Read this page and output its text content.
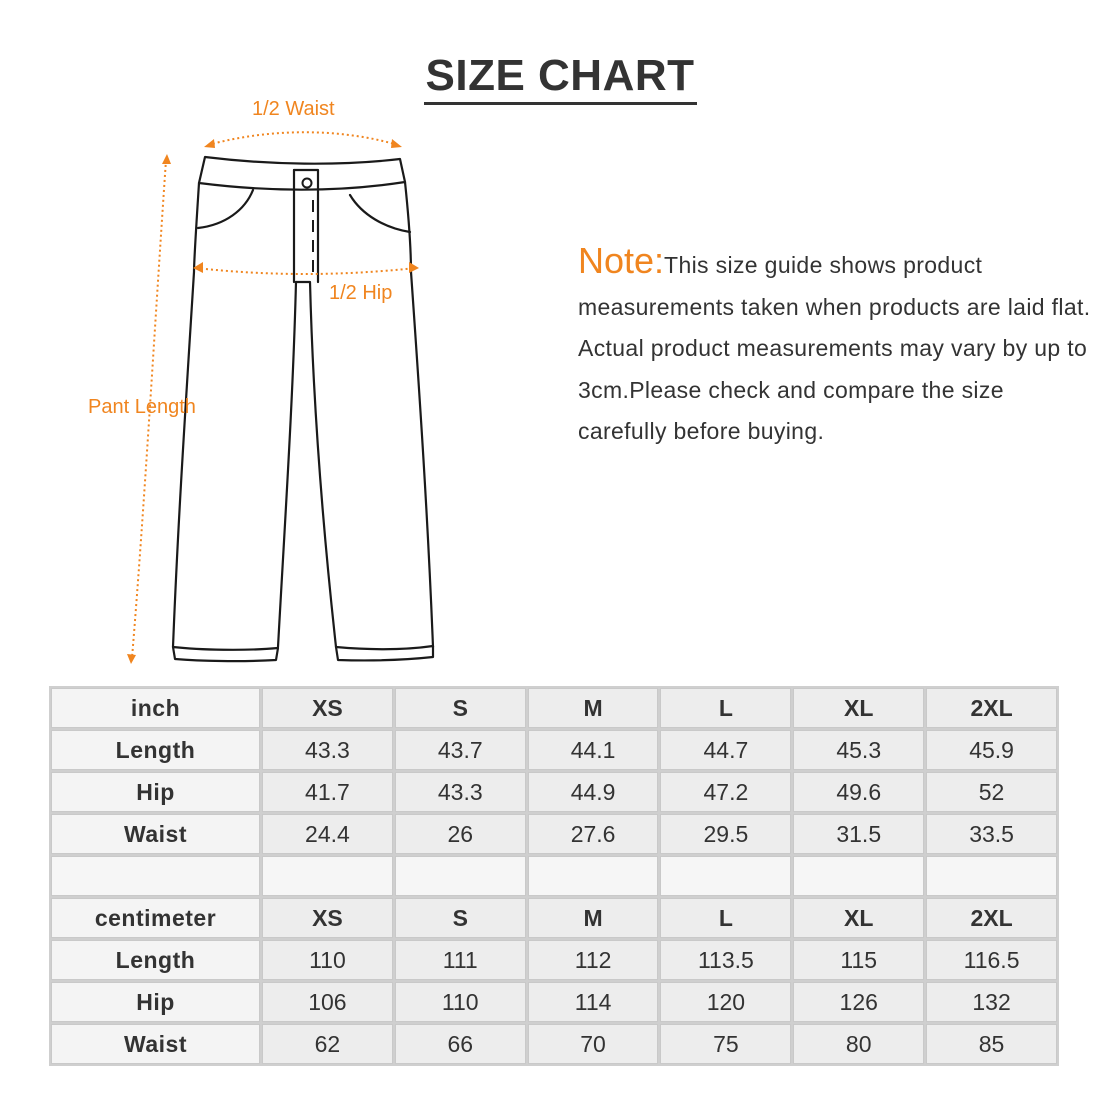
SIZE CHART
1/2 Waist
1/2 Hip
Pant Length
Note:This size guide shows product measurements taken when products are laid flat. Actual product measurements may vary by up to 3cm.Please check and compare the size carefully before buying.
inch	XS	S	M	L	XL	2XL
Length	43.3	43.7	44.1	44.7	45.3	45.9
Hip	41.7	43.3	44.9	47.2	49.6	52
Waist	24.4	26	27.6	29.5	31.5	33.5

centimeter	XS	S	M	L	XL	2XL
Length	110	111	112	113.5	115	116.5
Hip	106	110	114	120	126	132
Waist	62	66	70	75	80	85
